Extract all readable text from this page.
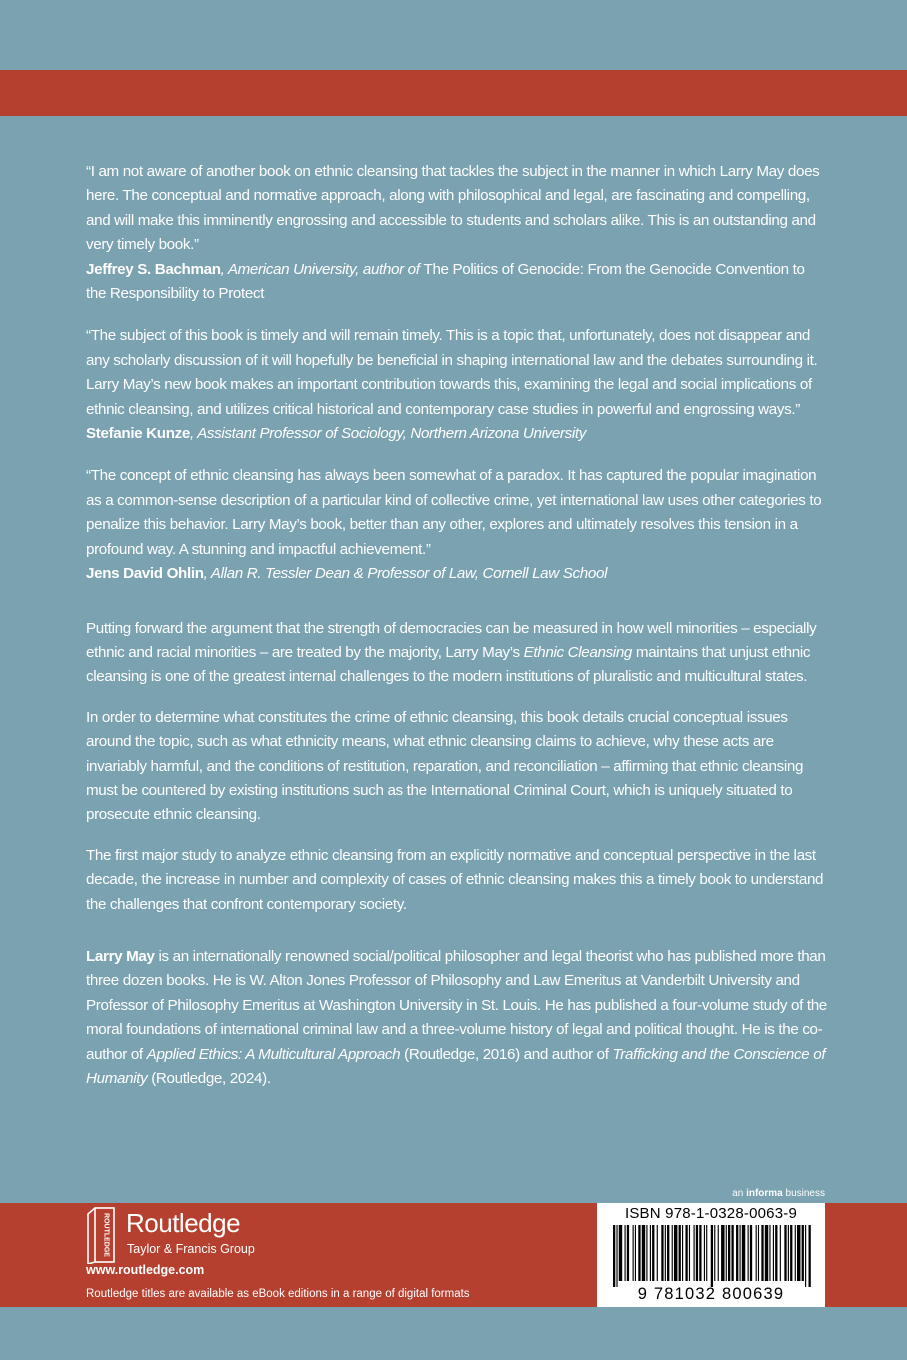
“I am not aware of another book on ethnic cleansing that tackles the subject in the manner in which Larry May does here. The conceptual and normative approach, along with philosophical and legal, are fascinating and compelling, and will make this imminently engrossing and accessible to students and scholars alike. This is an outstanding and very timely book.”

Jeffrey S. Bachman, American University, author of The Politics of Genocide: From the Genocide Convention to the Responsibility to Protect

“The subject of this book is timely and will remain timely. This is a topic that, unfortunately, does not disappear and any scholarly discussion of it will hopefully be beneficial in shaping international law and the debates surrounding it. Larry May’s new book makes an important contribution towards this, examining the legal and social implications of ethnic cleansing, and utilizes critical historical and contemporary case studies in powerful and engrossing ways.”

Stefanie Kunze, Assistant Professor of Sociology, Northern Arizona University

“The concept of ethnic cleansing has always been somewhat of a paradox. It has captured the popular imagination as a common-sense description of a particular kind of collective crime, yet international law uses other categories to penalize this behavior. Larry May’s book, better than any other, explores and ultimately resolves this tension in a profound way. A stunning and impactful achievement.”

Jens David Ohlin, Allan R. Tessler Dean & Professor of Law, Cornell Law School

Putting forward the argument that the strength of democracies can be measured in how well minorities – especially ethnic and racial minorities – are treated by the majority, Larry May’s Ethnic Cleansing maintains that unjust ethnic cleansing is one of the greatest internal challenges to the modern institutions of pluralistic and multicultural states.

In order to determine what constitutes the crime of ethnic cleansing, this book details crucial conceptual issues around the topic, such as what ethnicity means, what ethnic cleansing claims to achieve, why these acts are invariably harmful, and the conditions of restitution, reparation, and reconciliation – affirming that ethnic cleansing must be countered by existing institutions such as the International Criminal Court, which is uniquely situated to prosecute ethnic cleansing.

The first major study to analyze ethnic cleansing from an explicitly normative and conceptual perspective in the last decade, the increase in number and complexity of cases of ethnic cleansing makes this a timely book to understand the challenges that confront contemporary society.

Larry May is an internationally renowned social/political philosopher and legal theorist who has published more than three dozen books. He is W. Alton Jones Professor of Philosophy and Law Emeritus at Vanderbilt University and Professor of Philosophy Emeritus at Washington University in St. Louis. He has published a four-volume study of the moral foundations of international criminal law and a three-volume history of legal and political thought. He is the co-author of Applied Ethics: A Multicultural Approach (Routledge, 2016) and author of Trafficking and the Conscience of Humanity (Routledge, 2024).

an informa business
ROUTLEDGE Routledge
Taylor & Francis Group
www.routledge.com
Routledge titles are available as eBook editions in a range of digital formats
ISBN 978-1-0328-0063-9
9 781032 800639
